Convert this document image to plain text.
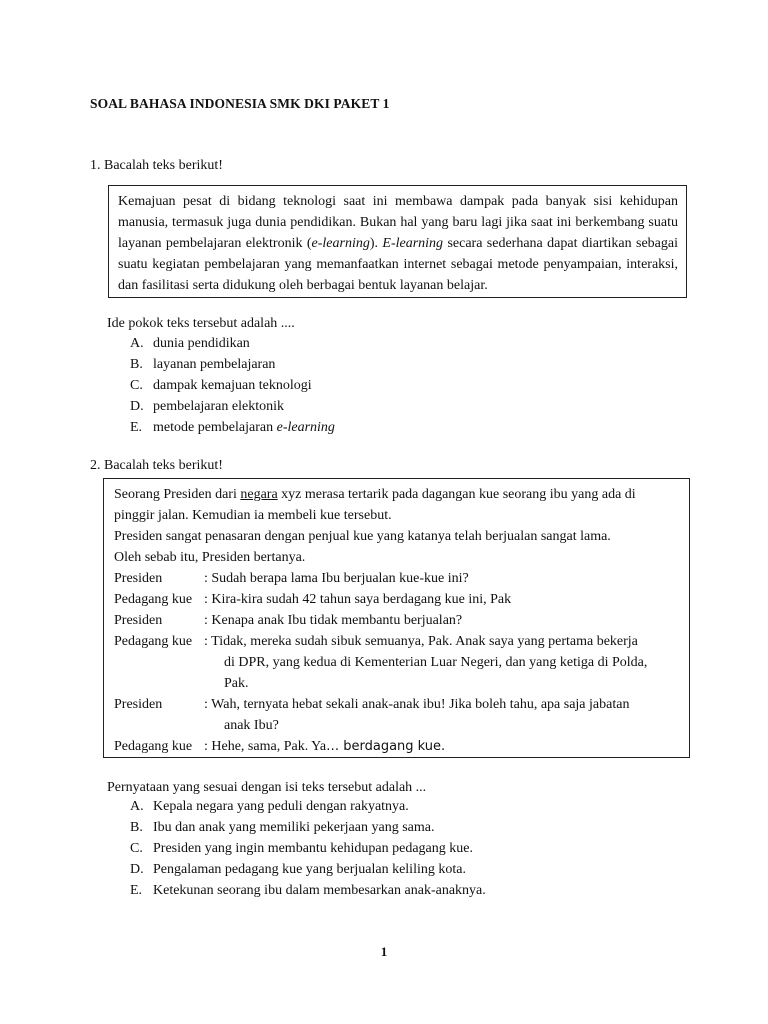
SOAL BAHASA INDONESIA SMK DKI PAKET 1
1. Bacalah teks berikut!

Kemajuan pesat di bidang teknologi saat ini membawa dampak pada banyak sisi kehidupan manusia, termasuk juga dunia pendidikan. Bukan hal yang baru lagi jika saat ini berkembang suatu layanan pembelajaran elektronik (e-learning). E-learning secara sederhana dapat diartikan sebagai suatu kegiatan pembelajaran yang memanfaatkan internet sebagai metode penyampaian, interaksi, dan fasilitasi serta didukung oleh berbagai bentuk layanan belajar.

Ide pokok teks tersebut adalah ....
A. dunia pendidikan
B. layanan pembelajaran
C. dampak kemajuan teknologi
D. pembelajaran elektonik
E. metode pembelajaran e-learning
2. Bacalah teks berikut!
Seorang Presiden dari negara xyz merasa tertarik pada dagangan kue seorang ibu yang ada di
pinggir jalan. Kemudian ia membeli kue tersebut.
Presiden sangat penasaran dengan penjual kue yang katanya telah berjualan sangat lama.
Oleh sebab itu, Presiden bertanya.
Presiden	: Sudah berapa lama Ibu berjualan kue-kue ini?
Pedagang kue : Kira-kira sudah 42 tahun saya berdagang kue ini, Pak
Presiden	: Kenapa anak Ibu tidak membantu berjualan?
Pedagang kue : Tidak, mereka sudah sibuk semuanya, Pak. Anak saya yang pertama bekerja
di DPR, yang kedua di Kementerian Luar Negeri, dan yang ketiga di Polda,
Pak.
Presiden	: Wah, ternyata hebat sekali anak-anak ibu! Jika boleh tahu, apa saja jabatan
anak Ibu?
Pedagang kue : Hehe, sama, Pak. Ya… berdagang kue.
Pernyataan yang sesuai dengan isi teks tersebut adalah ...
A. Kepala negara yang peduli dengan rakyatnya.
B. Ibu dan anak yang memiliki pekerjaan yang sama.
C. Presiden yang ingin membantu kehidupan pedagang kue.
D. Pengalaman pedagang kue yang berjualan keliling kota.
E. Ketekunan seorang ibu dalam membesarkan anak-anaknya.
1
